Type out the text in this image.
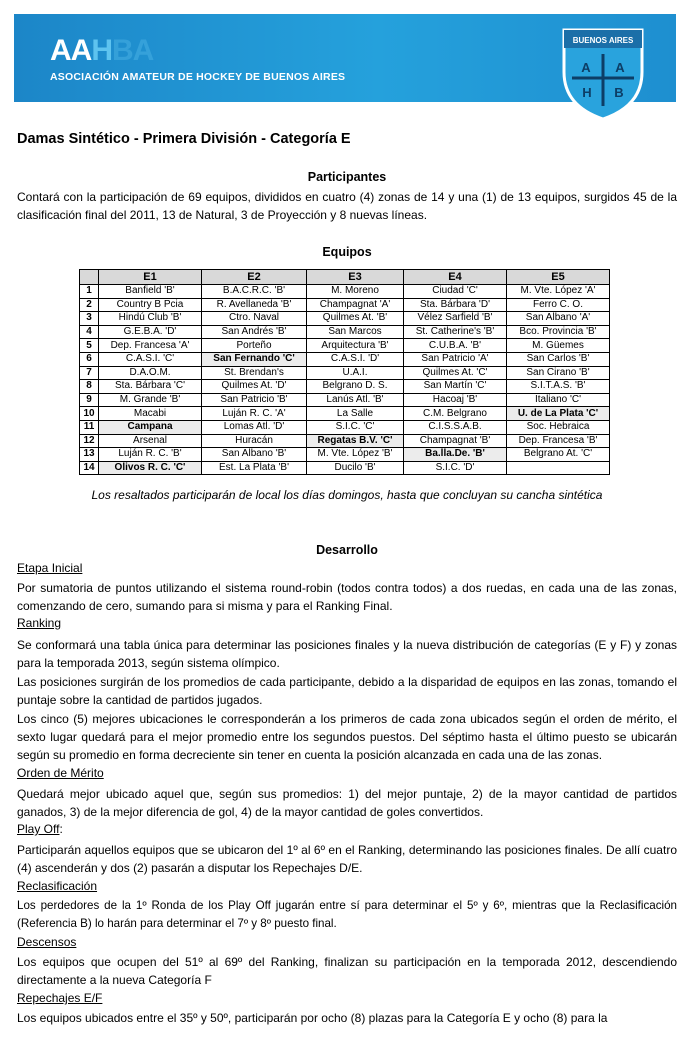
AAHBA
ASOCIACIÓN AMATEUR DE HOCKEY DE BUENOS AIRES
BUENOS AIRES
A A
H B
Damas Sintético - Primera División - Categoría E
Participantes
Contará con la participación de 69 equipos, divididos en cuatro (4) zonas de 14 y una (1) de 13 equipos, surgidos 45 de la clasificación final del 2011, 13 de Natural, 3 de Proyección y 8 nuevas líneas.
Equipos
	E1	E2	E3	E4	E5
1	Banfield 'B'	B.A.C.R.C. 'B'	M. Moreno	Ciudad 'C'	M. Vte. López 'A'
2	Country B Pcia	R. Avellaneda 'B'	Champagnat 'A'	Sta. Bárbara 'D'	Ferro C. O.
3	Hindú Club 'B'	Ctro. Naval	Quilmes At. 'B'	Vélez Sarfield 'B'	San Albano 'A'
4	G.E.B.A. 'D'	San Andrés 'B'	San Marcos	St. Catherine's 'B'	Bco. Provincia 'B'
5	Dep. Francesa 'A'	Porteño	Arquitectura 'B'	C.U.B.A. 'B'	M. Güemes
6	C.A.S.I. 'C'	San Fernando 'C'	C.A.S.I. 'D'	San Patricio 'A'	San Carlos 'B'
7	D.A.O.M.	St. Brendan's	U.A.I.	Quilmes At. 'C'	San Cirano 'B'
8	Sta. Bárbara 'C'	Quilmes At. 'D'	Belgrano D. S.	San Martín 'C'	S.I.T.A.S. 'B'
9	M. Grande 'B'	San Patricio 'B'	Lanús Atl. 'B'	Hacoaj 'B'	Italiano 'C'
10	Macabi	Luján R. C. 'A'	La Salle	C.M. Belgrano	U. de La Plata 'C'
11	Campana	Lomas Atl. 'D'	S.I.C. 'C'	C.I.S.S.A.B.	Soc. Hebraica
12	Arsenal	Huracán	Regatas B.V. 'C'	Champagnat 'B'	Dep. Francesa 'B'
13	Luján R. C. 'B'	San Albano 'B'	M. Vte. López 'B'	Ba.lla.De. 'B'	Belgrano At. 'C'
14	Olivos R. C. 'C'	Est. La Plata 'B'	Ducilo 'B'	S.I.C. 'D'	
Los resaltados participarán de local los días domingos, hasta que concluyan su cancha sintética
Desarrollo
Etapa Inicial
Por sumatoria de puntos utilizando el sistema round-robin (todos contra todos) a dos ruedas, en cada una de las zonas, comenzando de cero, sumando para si misma y para el Ranking Final.
Ranking
Se conformará una tabla única para determinar las posiciones finales y la nueva distribución de categorías (E y F) y zonas para la temporada 2013, según sistema olímpico.
Las posiciones surgirán de los promedios de cada participante, debido a la disparidad de equipos en las zonas, tomando el puntaje sobre la cantidad de partidos jugados.
Los cinco (5) mejores ubicaciones le corresponderán a los primeros de cada zona ubicados según el orden de mérito, el sexto lugar quedará para el mejor promedio entre los segundos puestos. Del séptimo hasta el último puesto se ubicarán según su promedio en forma decreciente sin tener en cuenta la posición alcanzada en cada una de las zonas.
Orden de Mérito
Quedará mejor ubicado aquel que, según sus promedios: 1) del mejor puntaje, 2) de la mayor cantidad de partidos ganados, 3) de la mejor diferencia de gol, 4) de la mayor cantidad de goles convertidos.
Play Off:
Participarán aquellos equipos que se ubicaron del 1º al 6º en el Ranking, determinando las posiciones finales. De allí cuatro (4) ascenderán y dos (2) pasarán a disputar los Repechajes D/E.
Reclasificación
Los perdedores de la 1º Ronda de los Play Off jugarán entre sí para determinar el 5º y 6º, mientras que la Reclasificación (Referencia B) lo harán para determinar el 7º y 8º puesto final.
Descensos
Los equipos que ocupen del 51º al 69º del Ranking, finalizan su participación en la temporada 2012, descendiendo directamente a la nueva Categoría F
Repechajes E/F
Los equipos ubicados entre el 35º y 50º, participarán por ocho (8) plazas para la Categoría E y ocho (8) para la
